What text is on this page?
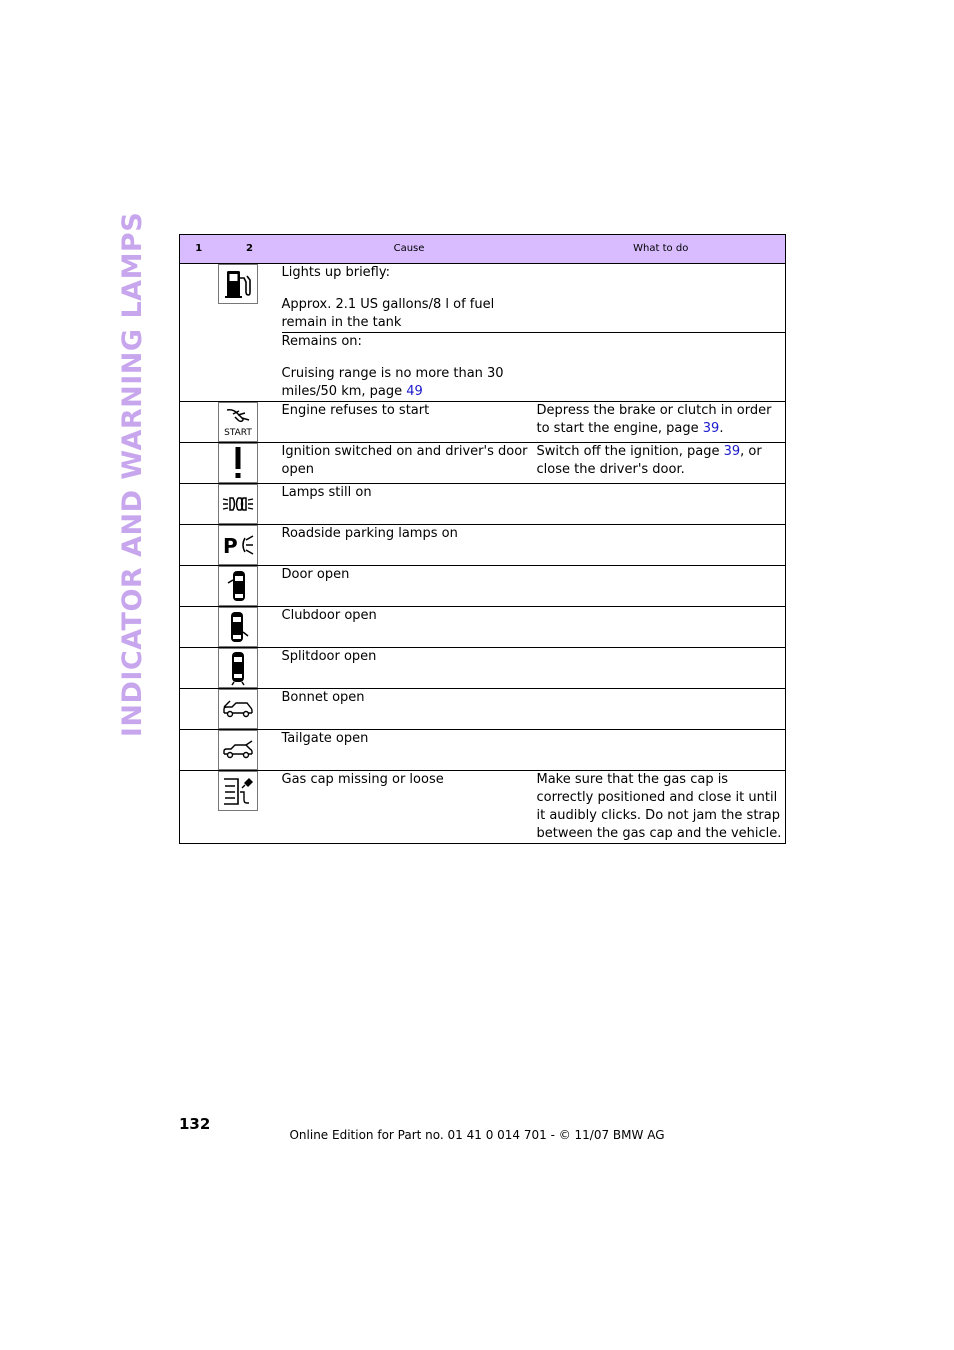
INDICATOR AND WARNING LAMPS	1	2	Cause	What to do

Lights up briefly:

Approx. 2.1 US gallons/8 l of fuel remain in the tank	

		Remains on:

Cruising range is no more than 30 miles/50 km, page 49	

START	Engine refuses to start	Depress the brake or clutch in order to start the engine, page 39.

	Ignition switched on and driver's door open	Switch off the ignition, page 39, or close the driver's door.

	Lamps still on	

P	Roadside parking lamps on	

	Door open	

	Clubdoor open	

	Splitdoor open	

	Bonnet open	

	Tailgate open	

	Gas cap missing or loose	Make sure that the gas cap is correctly positioned and close it until it audibly clicks. Do not jam the strap between the gas cap and the vehicle.
132
Online Edition for Part no. 01 41 0 014 701 - © 11/07 BMW AG
